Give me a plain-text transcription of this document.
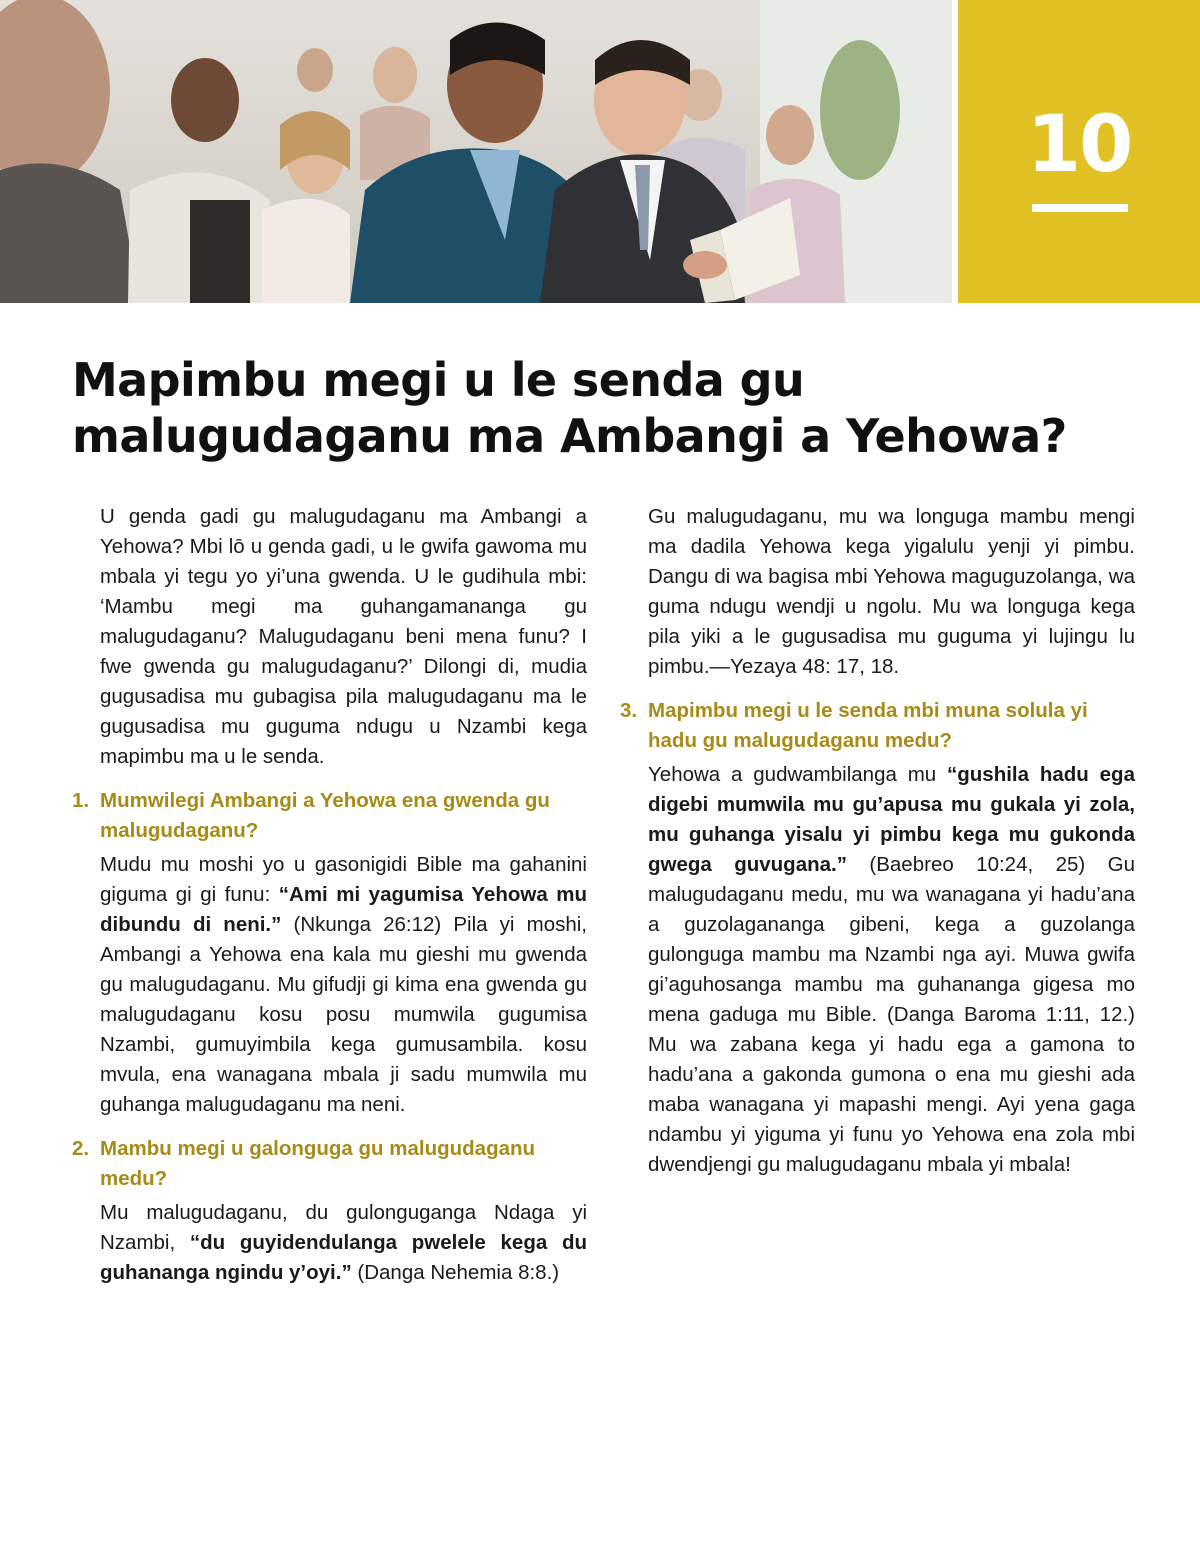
10
Mapimbu megi u le senda gu malugudaganu ma Ambangi a Yehowa?

U genda gadi gu malugudaganu ma Ambangi a Yehowa? Mbi lō u genda gadi, u le gwifa gawoma mu mbala yi tegu yo yi’una gwenda. U le gudihula mbi: ‘Mambu megi ma guhangamananga gu malugudaganu? Malugudaganu beni mena funu? I fwe gwenda gu malugudaganu?’ Dilongi di, mudia gugusadisa mu gubagisa pila malugudaganu ma le gugusadisa mu guguma ndugu u Nzambi kega mapimbu ma u le senda.

1. Mumwilegi Ambangi a Yehowa ena gwenda gu malugudaganu?

Mudu mu moshi yo u gasonigidi Bible ma gahanini giguma gi gi funu: “Ami mi yagumisa Yehowa mu dibundu di neni.” (Nkunga 26:12) Pila yi moshi, Ambangi a Yehowa ena kala mu gieshi mu gwenda gu malugudaganu. Mu gifudji gi kima ena gwenda gu malugudaganu kosu posu mumwila gugumisa Nzambi, gumuyimbila kega gumusambila. kosu mvula, ena wanagana mbala ji sadu mumwila mu guhanga malugudaganu ma neni.

2. Mambu megi u galonguga gu malugudaganu medu?

Mu malugudaganu, du gulonguganga Ndaga yi Nzambi, “du guyidendulanga pwelele kega du guhananga ngindu y’oyi.” (Danga Nehemia 8:8.)

Gu malugudaganu, mu wa longuga mambu mengi ma dadila Yehowa kega yigalulu yenji yi pimbu. Dangu di wa bagisa mbi Yehowa maguguzolanga, wa guma ndugu wendji u ngolu. Mu wa longuga kega pila yiki a le gugusadisa mu guguma yi lujingu lu pimbu.—Yezaya 48: 17, 18.

3. Mapimbu megi u le senda mbi muna solula yi hadu gu malugudaganu medu?

Yehowa a gudwambilanga mu “gushila hadu ega digebi mumwila mu gu’apusa mu gukala yi zola, mu guhanga yisalu yi pimbu kega mu gukonda gwega guvugana.” (Baebreo 10:24, 25) Gu malugudaganu medu, mu wa wanagana yi hadu’ana a guzolagananga gibeni, kega a guzolanga gulonguga mambu ma Nzambi nga ayi. Muwa gwifa gi’aguhosanga mambu ma guhananga gigesa mo mena gaduga mu Bible. (Danga Baroma 1:11, 12.) Mu wa zabana kega yi hadu ega a gamona to hadu’ana a gakonda gumona o ena mu gieshi ada maba wanagana yi mapashi mengi. Ayi yena gaga ndambu yi yiguma yi funu yo Yehowa ena zola mbi dwendjengi gu malugudaganu mbala yi mbala!
